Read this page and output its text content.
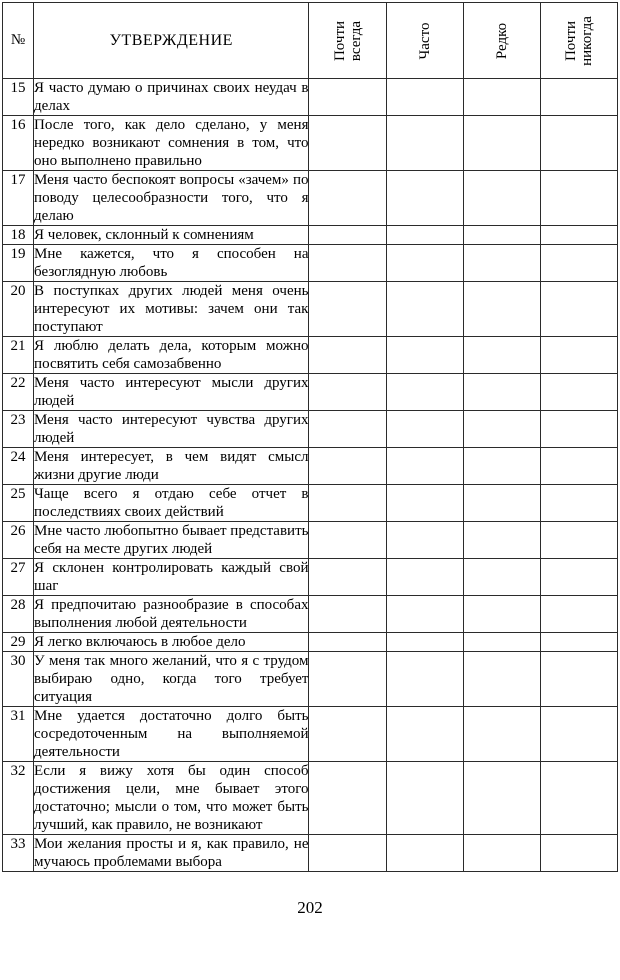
№	УТВЕРЖДЕНИЕ	Почти всегда	Часто	Редко	Почти никогда

15	Я часто думаю о причинах своих неудач в делах				
16	После того, как дело сделано, у меня нередко возникают сомнения в том, что оно выполнено правильно				
17	Меня часто беспокоят вопросы «зачем» по поводу целесообразности того, что я делаю				
18	Я человек, склонный к сомнениям				
19	Мне кажется, что я способен на безоглядную любовь				
20	В поступках других людей меня очень интересуют их мотивы: зачем они так поступают				
21	Я люблю делать дела, которым можно посвятить себя самозабвенно				
22	Меня часто интересуют мысли других людей				
23	Меня часто интересуют чувства других людей				
24	Меня интересует, в чем видят смысл жизни другие люди				
25	Чаще всего я отдаю себе отчет в последствиях своих действий				
26	Мне часто любопытно бывает представить себя на месте других людей				
27	Я склонен контролировать каждый свой шаг				
28	Я предпочитаю разнообразие в способах выполнения любой деятельности				
29	Я легко включаюсь в любое дело				
30	У меня так много желаний, что я с трудом выбираю одно, когда того требует ситуация				
31	Мне удается достаточно долго быть сосредоточенным на выполняемой деятельности				
32	Если я вижу хотя бы один способ достижения цели, мне бывает этого достаточно; мысли о том, что может быть лучший, как правило, не возникают				
33	Мои желания просты и я, как правило, не мучаюсь проблемами выбора				
202
